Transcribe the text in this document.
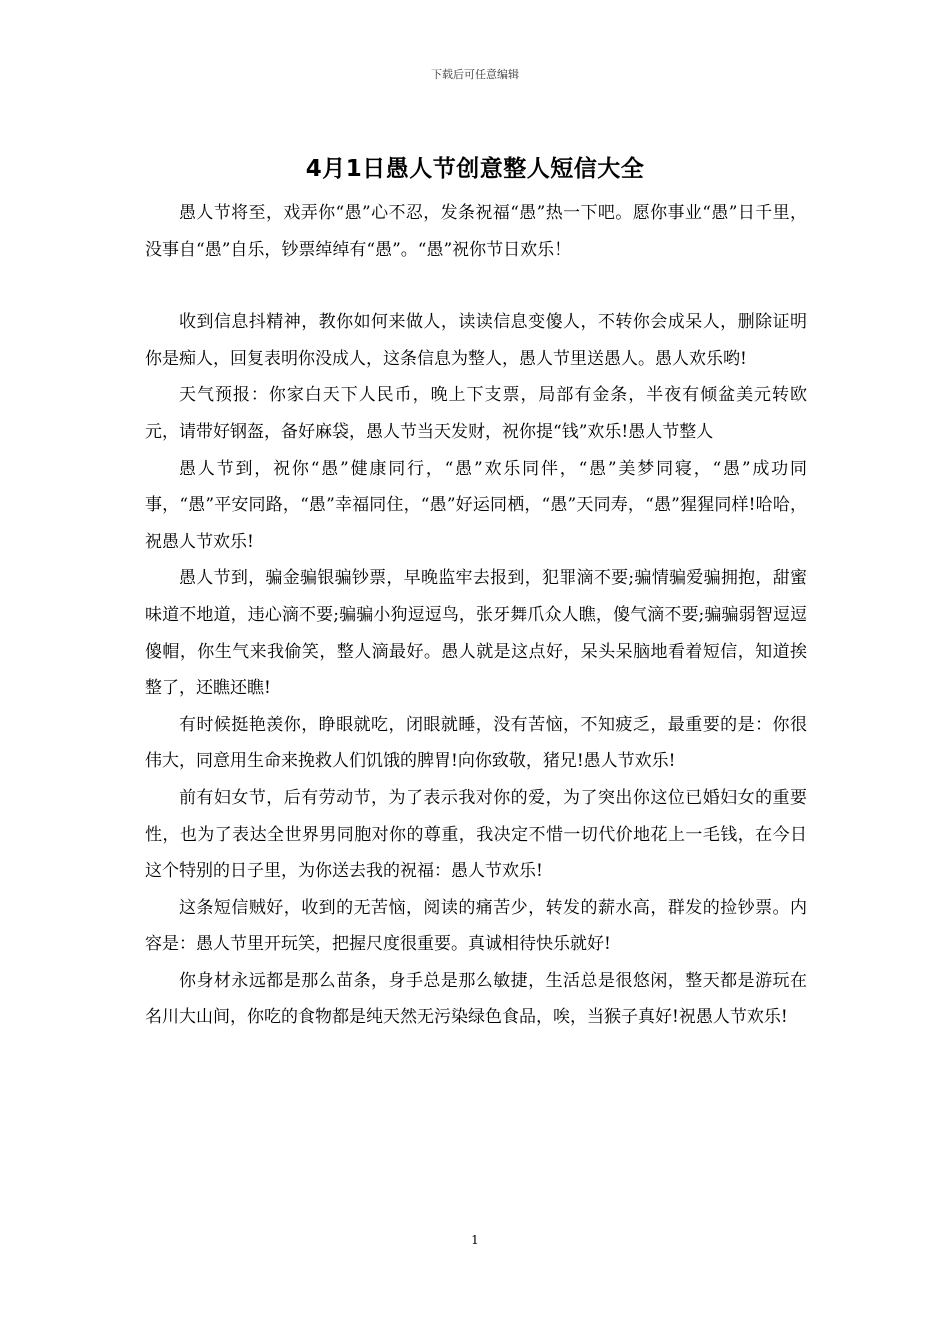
下载后可任意编辑
4月1日愚人节创意整人短信大全

愚人节将至，戏弄你“愚”心不忍，发条祝福“愚”热一下吧。愿你事业“愚”日千里，没事自“愚”自乐，钞票绰绰有“愚”。“愚”祝你节日欢乐！

收到信息抖精神，教你如何来做人，读读信息变傻人，不转你会成呆人，删除证明你是痴人，回复表明你没成人，这条信息为整人，愚人节里送愚人。愚人欢乐哟!

天气预报：你家白天下人民币，晚上下支票，局部有金条，半夜有倾盆美元转欧元，请带好钢盔，备好麻袋，愚人节当天发财，祝你提“钱”欢乐!愚人节整人

愚人节到，祝你“愚”健康同行，“愚”欢乐同伴，“愚”美梦同寝，“愚”成功同事，“愚”平安同路，“愚”幸福同住，“愚”好运同栖，“愚”天同寿，“愚”猩猩同样!哈哈，祝愚人节欢乐!

愚人节到，骗金骗银骗钞票，早晚监牢去报到，犯罪滴不要;骗情骗爱骗拥抱，甜蜜味道不地道，违心滴不要;骗骗小狗逗逗鸟，张牙舞爪众人瞧，傻气滴不要;骗骗弱智逗逗傻帽，你生气来我偷笑，整人滴最好。愚人就是这点好，呆头呆脑地看着短信，知道挨整了，还瞧还瞧!

有时候挺艳羡你，睁眼就吃，闭眼就睡，没有苦恼，不知疲乏，最重要的是：你很伟大，同意用生命来挽救人们饥饿的脾胃!向你致敬，猪兄!愚人节欢乐!

前有妇女节，后有劳动节，为了表示我对你的爱，为了突出你这位已婚妇女的重要性，也为了表达全世界男同胞对你的尊重，我决定不惜一切代价地花上一毛钱，在今日这个特别的日子里，为你送去我的祝福：愚人节欢乐!

这条短信贼好，收到的无苦恼，阅读的痛苦少，转发的薪水高，群发的捡钞票。内容是：愚人节里开玩笑，把握尺度很重要。真诚相待快乐就好!

你身材永远都是那么苗条，身手总是那么敏捷，生活总是很悠闲，整天都是游玩在名川大山间，你吃的食物都是纯天然无污染绿色食品，唉，当猴子真好!祝愚人节欢乐!

1
